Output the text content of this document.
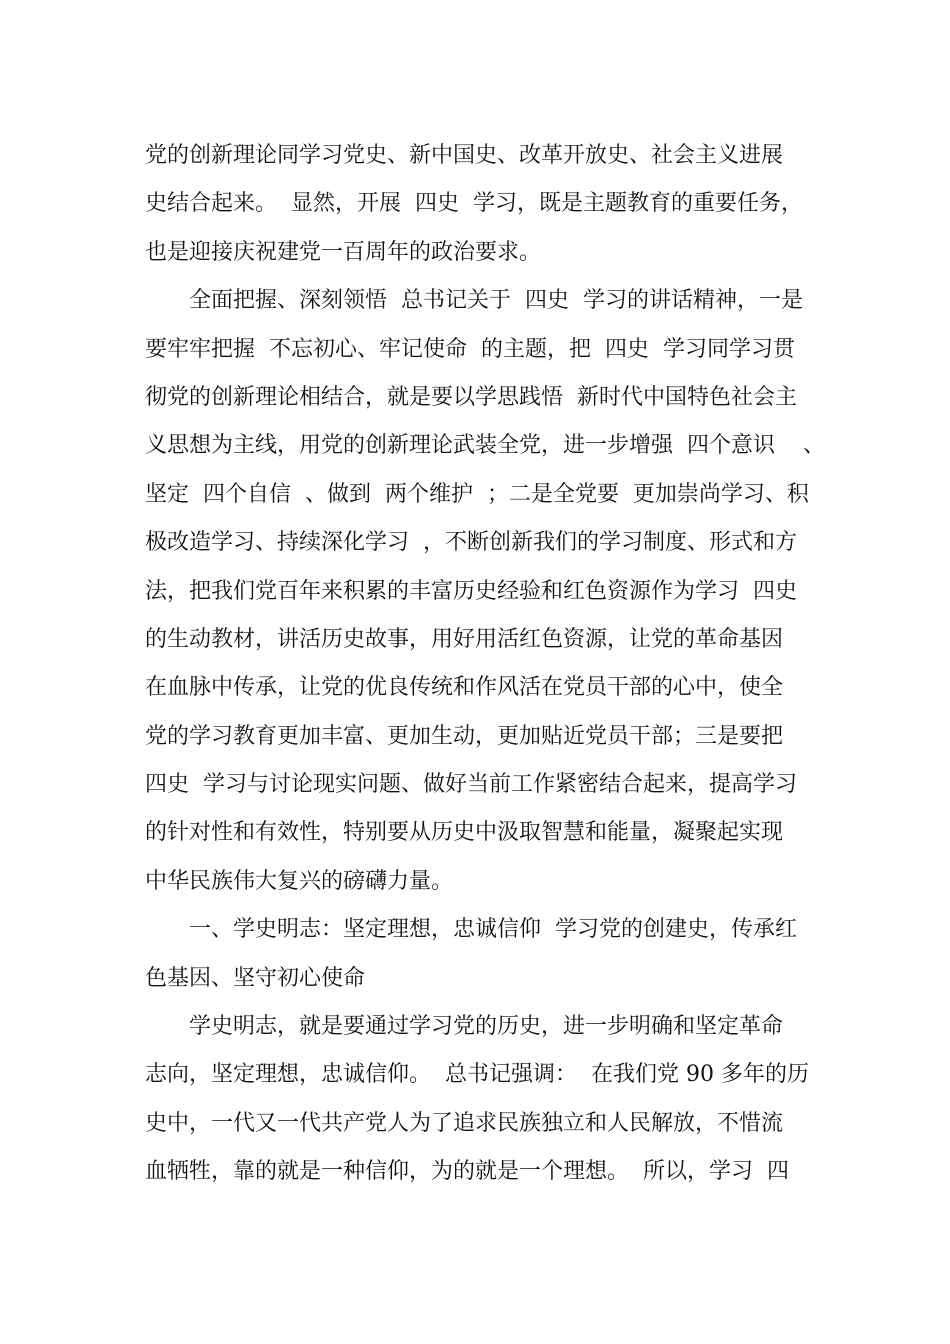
党的创新理论同学习党史、新中国史、改革开放史、社会主义进展
史结合起来。  显然，开展  四史  学习，既是主题教育的重要任务，
也是迎接庆祝建党一百周年的政治要求。
全面把握、深刻领悟  总书记关于  四史  学习的讲话精神，一是
要牢牢把握  不忘初心、牢记使命  的主题，把  四史  学习同学习贯
彻党的创新理论相结合，就是要以学思践悟  新时代中国特色社会主
义思想为主线，用党的创新理论武装全党，进一步增强  四个意识    、
坚定  四个自信  、做到  两个维护  ；二是全党要  更加崇尚学习、积
极改造学习、持续深化学习  ，不断创新我们的学习制度、形式和方
法，把我们党百年来积累的丰富历史经验和红色资源作为学习  四史
的生动教材，讲活历史故事，用好用活红色资源，让党的革命基因
在血脉中传承，让党的优良传统和作风活在党员干部的心中，使全
党的学习教育更加丰富、更加生动，更加贴近党员干部；三是要把
四史  学习与讨论现实问题、做好当前工作紧密结合起来，提高学习
的针对性和有效性，特别要从历史中汲取智慧和能量，凝聚起实现
中华民族伟大复兴的磅礴力量。
一、学史明志：坚定理想，忠诚信仰  学习党的创建史，传承红
色基因、坚守初心使命
学史明志，就是要通过学习党的历史，进一步明确和坚定革命
志向，坚定理想，忠诚信仰。  总书记强调：  在我们党 90 多年的历
史中，一代又一代共产党人为了追求民族独立和人民解放，不惜流
血牺牲，靠的就是一种信仰，为的就是一个理想。  所以，学习  四
